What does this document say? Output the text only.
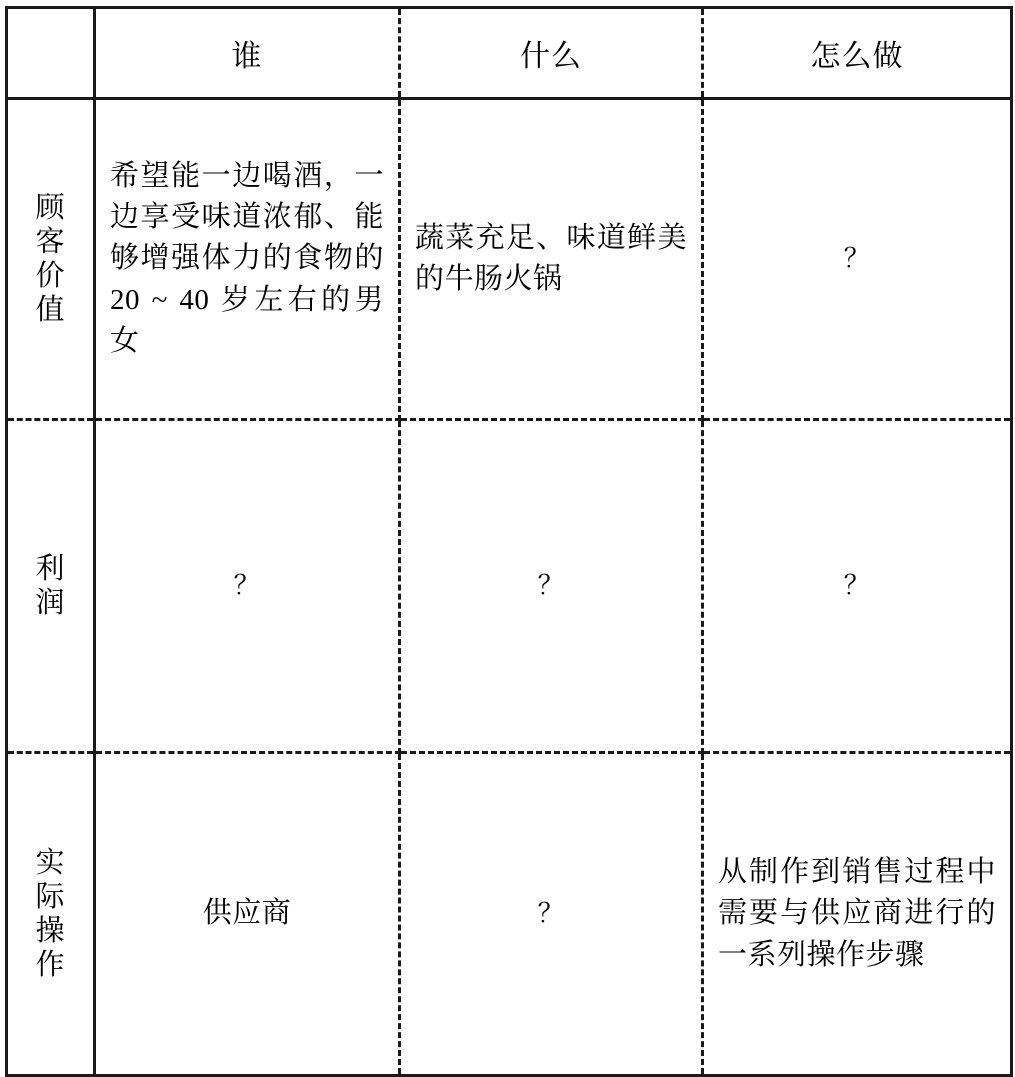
	谁	什么	怎么做
顾客价值	希望能一边喝酒，一边享受味道浓郁、能够增强体力的食物的 20 ~ 40 岁左右的男女	蔬菜充足、味道鲜美的牛肠火锅	？

利润	？	？	？

实际操作	供应商	？	从制作到销售过程中需要与供应商进行的一系列操作步骤
